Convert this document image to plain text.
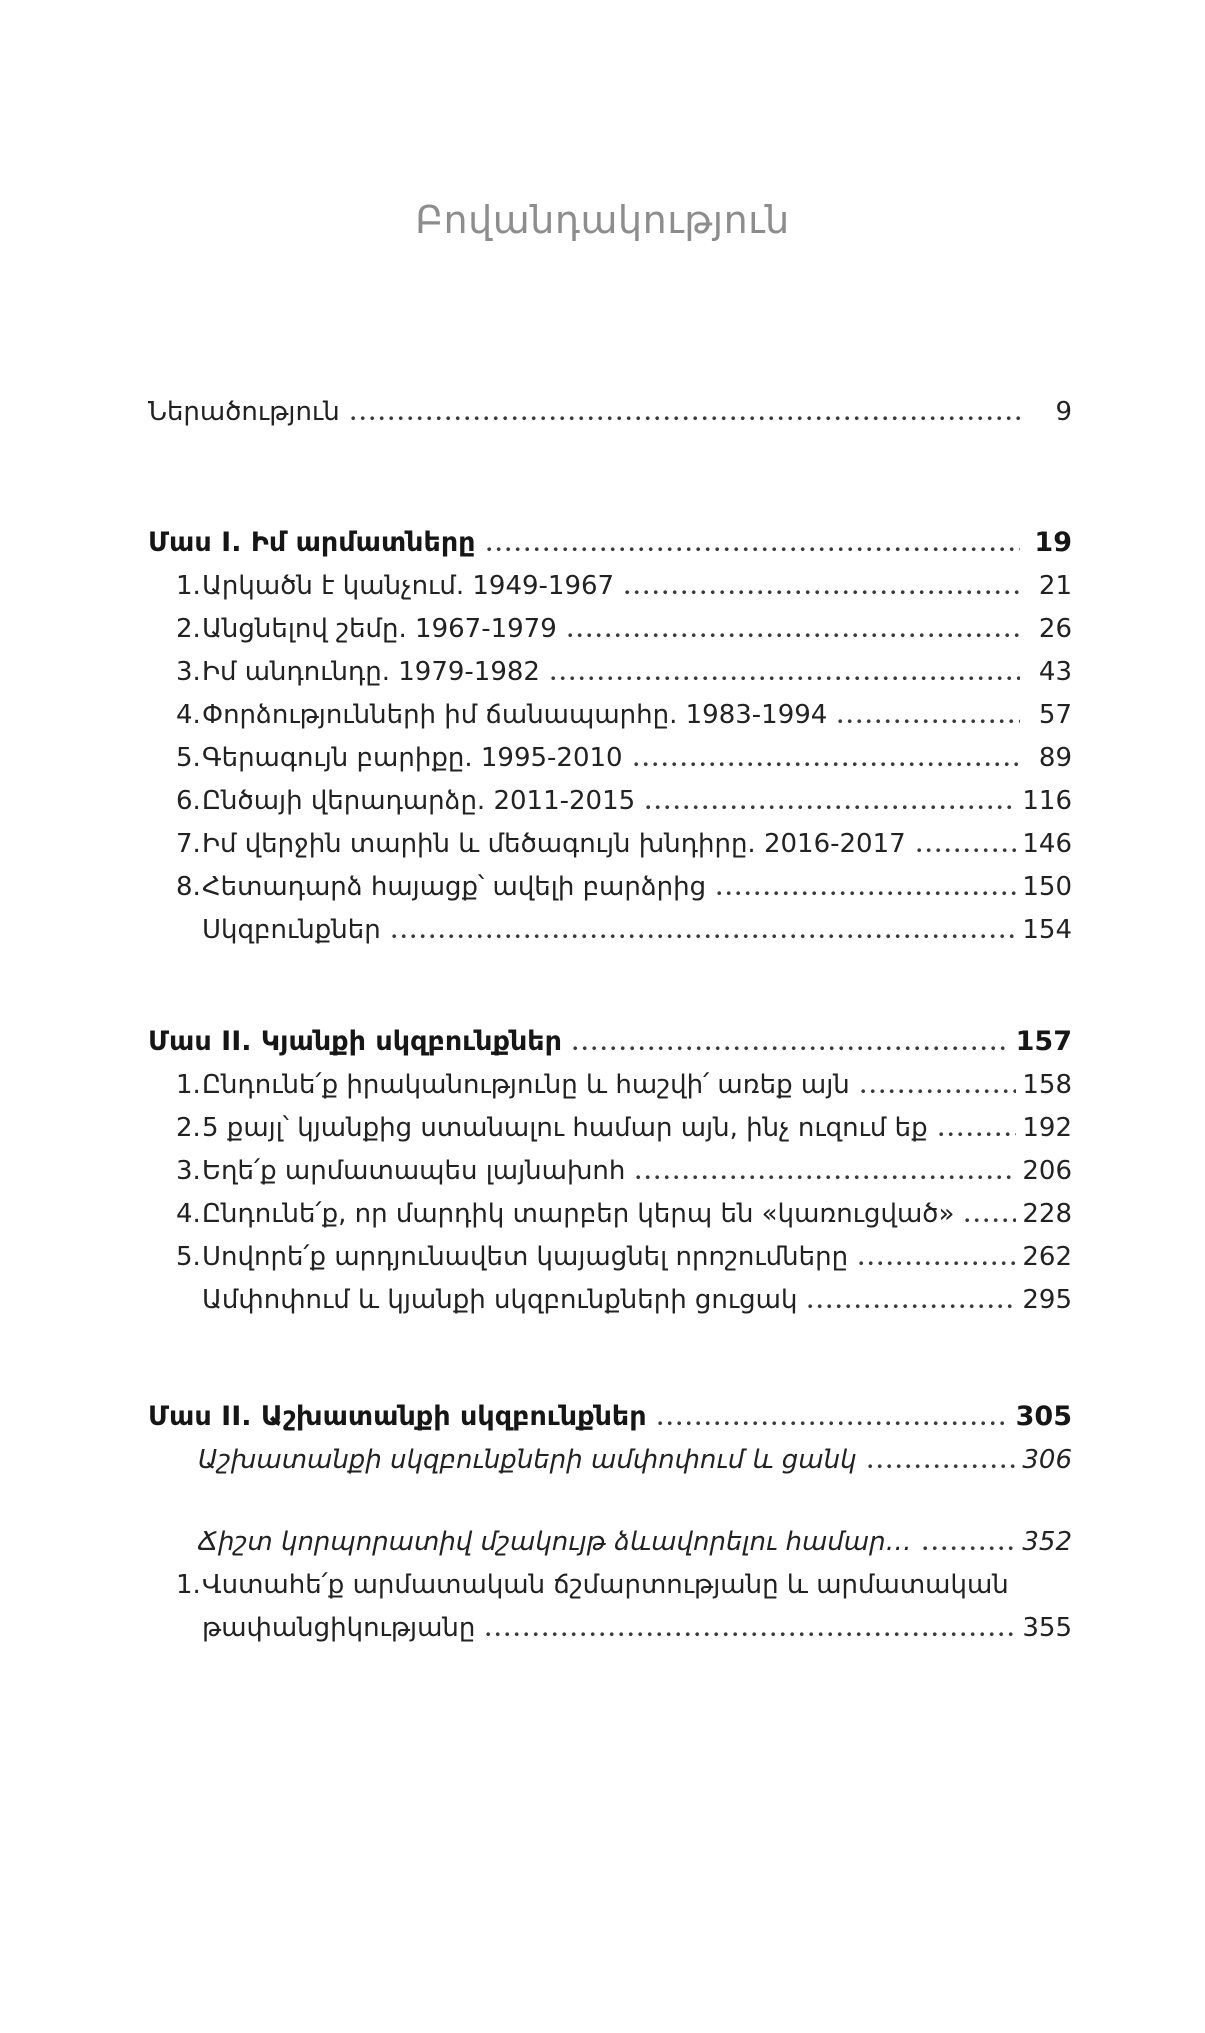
Բովանդակություն
Ներածություն	9
Մաս I. Իմ արմատները	19
1. Արկածն է կանչում. 1949-1967	21
2. Անցնելով շեմը. 1967-1979	26
3. Իմ անդունդը. 1979-1982	43
4. Փորձությունների իմ ճանապարհը. 1983-1994	57
5. Գերագույն բարիքը. 1995-2010	89
6. Ընծայի վերադարձը. 2011-2015	116
7. Իմ վերջին տարին և մեծագույն խնդիրը. 2016-2017	146
8. Հետադարձ հայացք՝ ավելի բարձրից	150
Սկզբունքներ	154
Մաս II. Կյանքի սկզբունքներ	157
1. Ընդունե՛ք իրականությունը և հաշվի՛ առեք այն	158
2. 5 քայլ՝ կյանքից ստանալու համար այն, ինչ ուզում եք	192
3. Եղե՛ք արմատապես լայնախոհ	206
4. Ընդունե՛ք, որ մարդիկ տարբեր կերպ են «կառուցված»	228
5. Սովորե՛ք արդյունավետ կայացնել որոշումները	262
Ամփոփում և կյանքի սկզբունքների ցուցակ	295
Մաս II. Աշխատանքի սկզբունքներ	305
Աշխատանքի սկզբունքների ամփոփում և ցանկ	306
Ճիշտ կորպորատիվ մշակույթ ձևավորելու համար…	352
1. Վստահե՛ք արմատական ճշմարտությանը և արմատական
թափանցիկությանը	355
